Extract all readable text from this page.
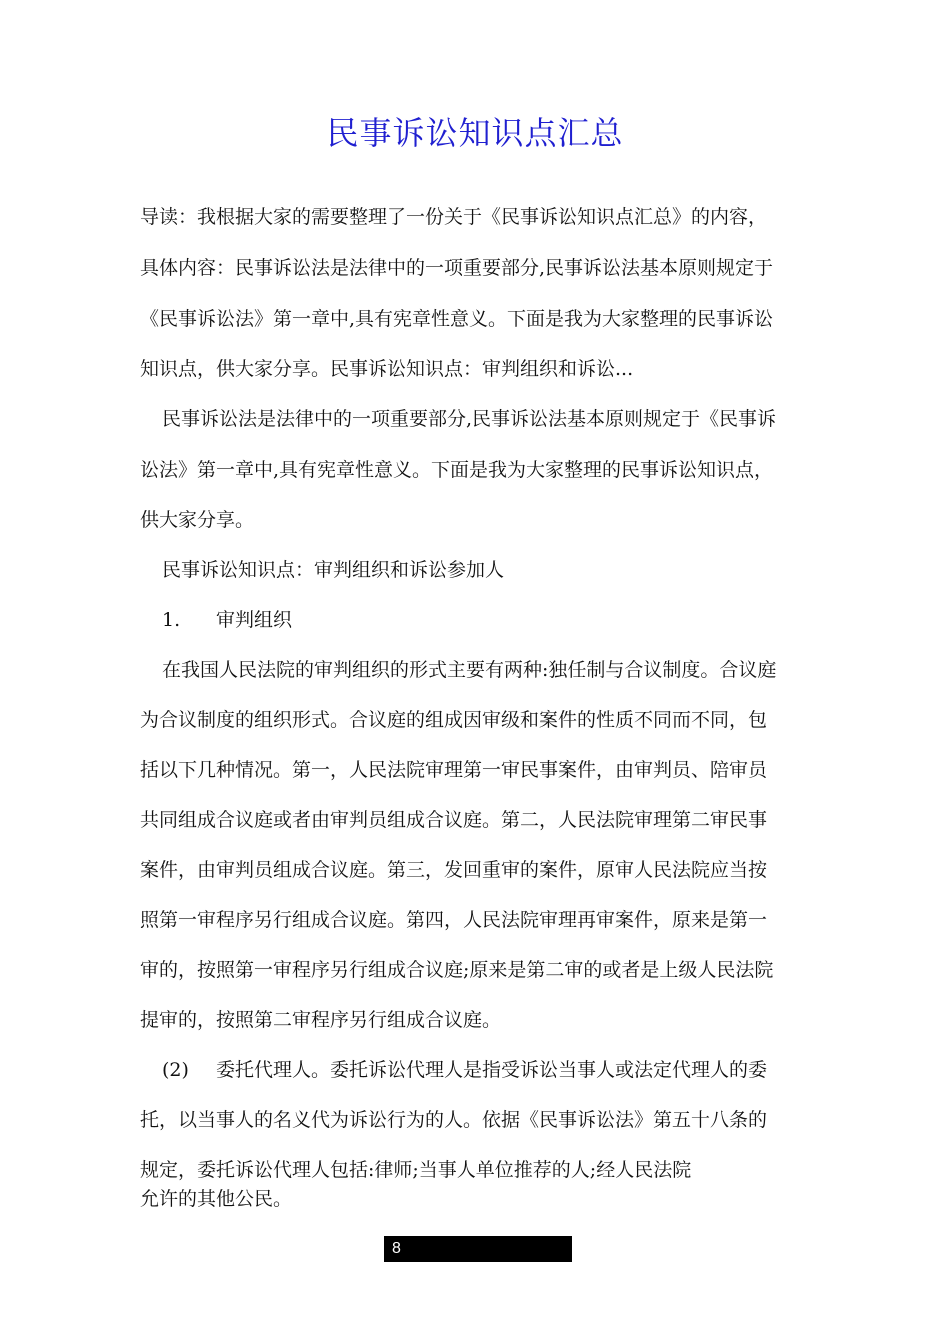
民事诉讼知识点汇总
导读：我根据大家的需要整理了一份关于《民事诉讼知识点汇总》的内容，
具体内容：民事诉讼法是法律中的一项重要部分,民事诉讼法基本原则规定于
《民事诉讼法》第一章中,具有宪章性意义。下面是我为大家整理的民事诉讼
知识点，供大家分享。民事诉讼知识点：审判组织和诉讼...
民事诉讼法是法律中的一项重要部分,民事诉讼法基本原则规定于《民事诉
讼法》第一章中,具有宪章性意义。下面是我为大家整理的民事诉讼知识点，
供大家分享。
民事诉讼知识点：审判组织和诉讼参加人
1. 审判组织
在我国人民法院的审判组织的形式主要有两种:独任制与合议制度。合议庭
为合议制度的组织形式。合议庭的组成因审级和案件的性质不同而不同，包
括以下几种情况。第一，人民法院审理第一审民事案件，由审判员、陪审员
共同组成合议庭或者由审判员组成合议庭。第二，人民法院审理第二审民事
案件，由审判员组成合议庭。第三，发回重审的案件，原审人民法院应当按
照第一审程序另行组成合议庭。第四，人民法院审理再审案件，原来是第一
审的，按照第一审程序另行组成合议庭;原来是第二审的或者是上级人民法院
提审的，按照第二审程序另行组成合议庭。
(2) 委托代理人。委托诉讼代理人是指受诉讼当事人或法定代理人的委
托，以当事人的名义代为诉讼行为的人。依据《民事诉讼法》第五十八条的
规定，委托诉讼代理人包括:律师;当事人单位推荐的人;经人民法院
允许的其他公民。
8
